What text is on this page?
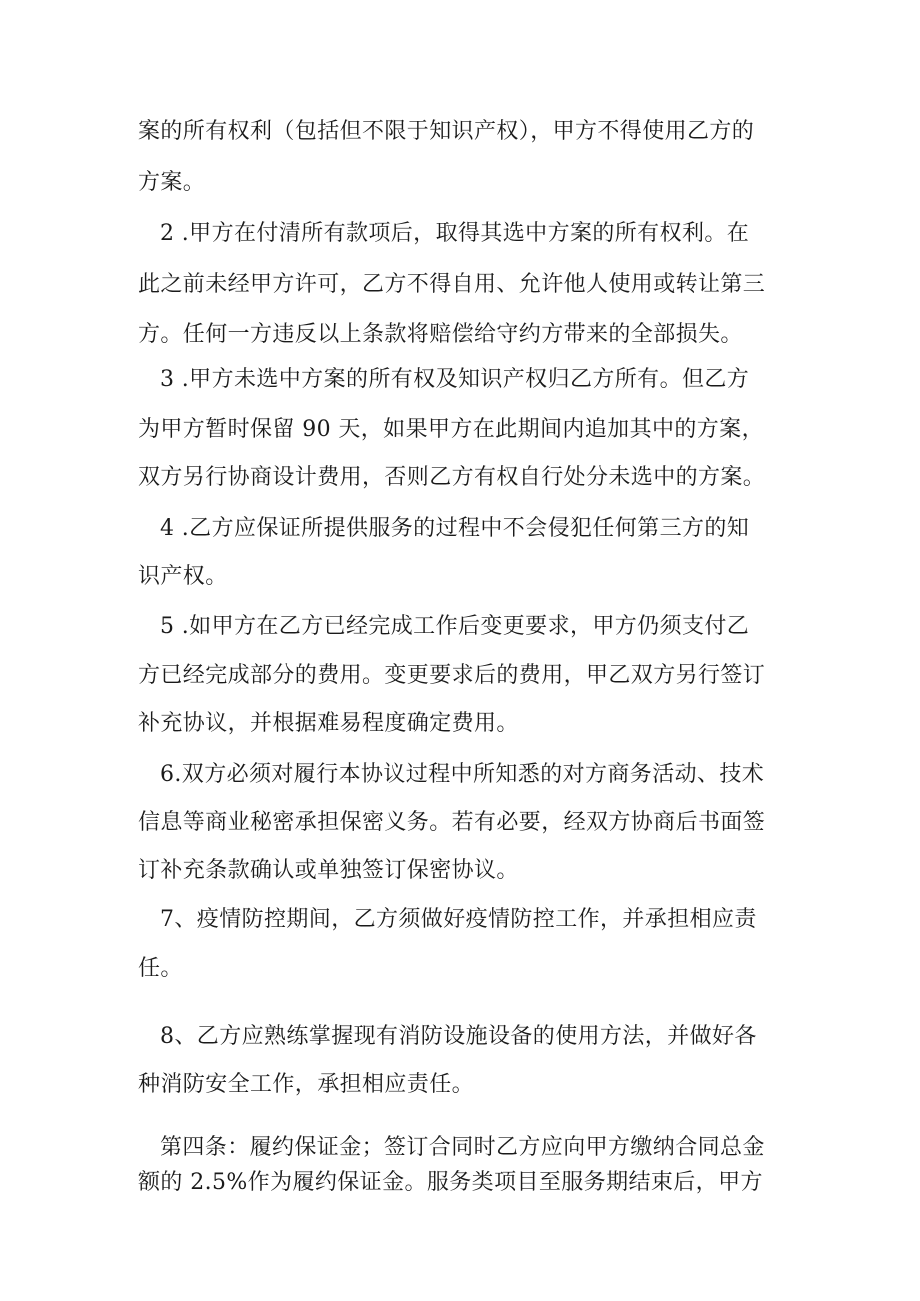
案的所有权利（包括但不限于知识产权），甲方不得使用乙方的
方案。
2 .甲方在付清所有款项后，取得其选中方案的所有权利。在
此之前未经甲方许可，乙方不得自用、允许他人使用或转让第三
方。任何一方违反以上条款将赔偿给守约方带来的全部损失。
3 .甲方未选中方案的所有权及知识产权归乙方所有。但乙方
为甲方暂时保留 90 天，如果甲方在此期间内追加其中的方案，
双方另行协商设计费用，否则乙方有权自行处分未选中的方案。
4 .乙方应保证所提供服务的过程中不会侵犯任何第三方的知
识产权。
5 .如甲方在乙方已经完成工作后变更要求，甲方仍须支付乙
方已经完成部分的费用。变更要求后的费用，甲乙双方另行签订
补充协议，并根据难易程度确定费用。
6.双方必须对履行本协议过程中所知悉的对方商务活动、技术
信息等商业秘密承担保密义务。若有必要，经双方协商后书面签
订补充条款确认或单独签订保密协议。
7、疫情防控期间，乙方须做好疫情防控工作，并承担相应责
任。
8、乙方应熟练掌握现有消防设施设备的使用方法，并做好各
种消防安全工作，承担相应责任。
第四条：履约保证金；签订合同时乙方应向甲方缴纳合同总金
额的 2.5%作为履约保证金。服务类项目至服务期结束后，甲方
